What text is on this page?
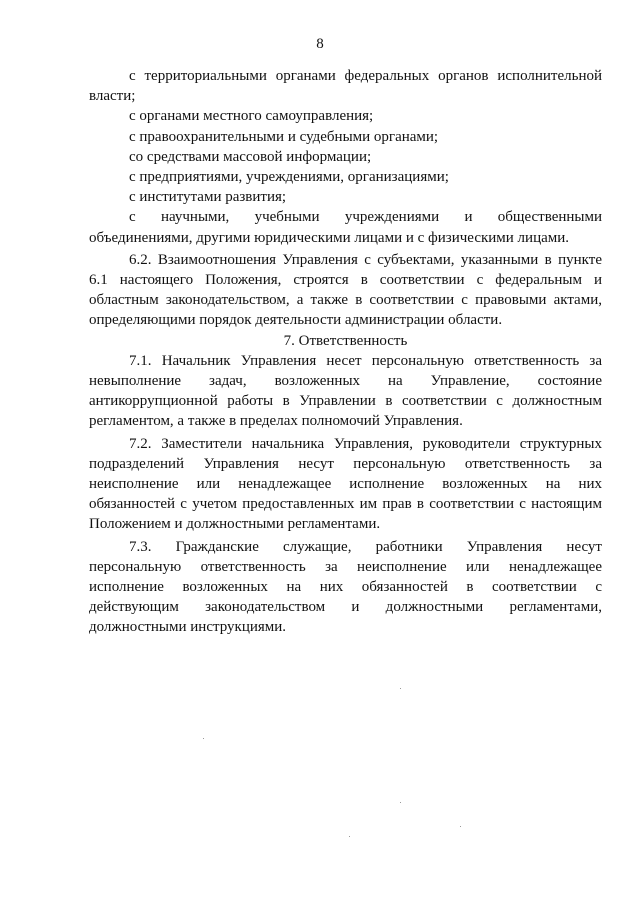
8
с территориальными органами федеральных органов исполнительной
власти;
с органами местного самоуправления;
с правоохранительными и судебными органами;
со средствами массовой информации;
с предприятиями, учреждениями, организациями;
с институтами развития;
с научными, учебными учреждениями и общественными
объединениями, другими юридическими лицами и с физическими лицами.
6.2. Взаимоотношения Управления с субъектами, указанными в пункте
6.1 настоящего Положения, строятся в соответствии с федеральным и
областным законодательством, а также в соответствии с правовыми актами,
определяющими порядок деятельности администрации области.
7. Ответственность
7.1. Начальник Управления несет персональную ответственность за
невыполнение задач, возложенных на Управление, состояние
антикоррупционной работы в Управлении в соответствии с должностным
регламентом, а также в пределах полномочий Управления.
7.2. Заместители начальника Управления, руководители структурных
подразделений Управления несут персональную ответственность за
неисполнение или ненадлежащее исполнение возложенных на них
обязанностей с учетом предоставленных им прав в соответствии с настоящим
Положением и должностными регламентами.
7.3. Гражданские служащие, работники Управления несут
персональную ответственность за неисполнение или ненадлежащее
исполнение возложенных на них обязанностей в соответствии с
действующим законодательством и должностными регламентами,
должностными инструкциями.
